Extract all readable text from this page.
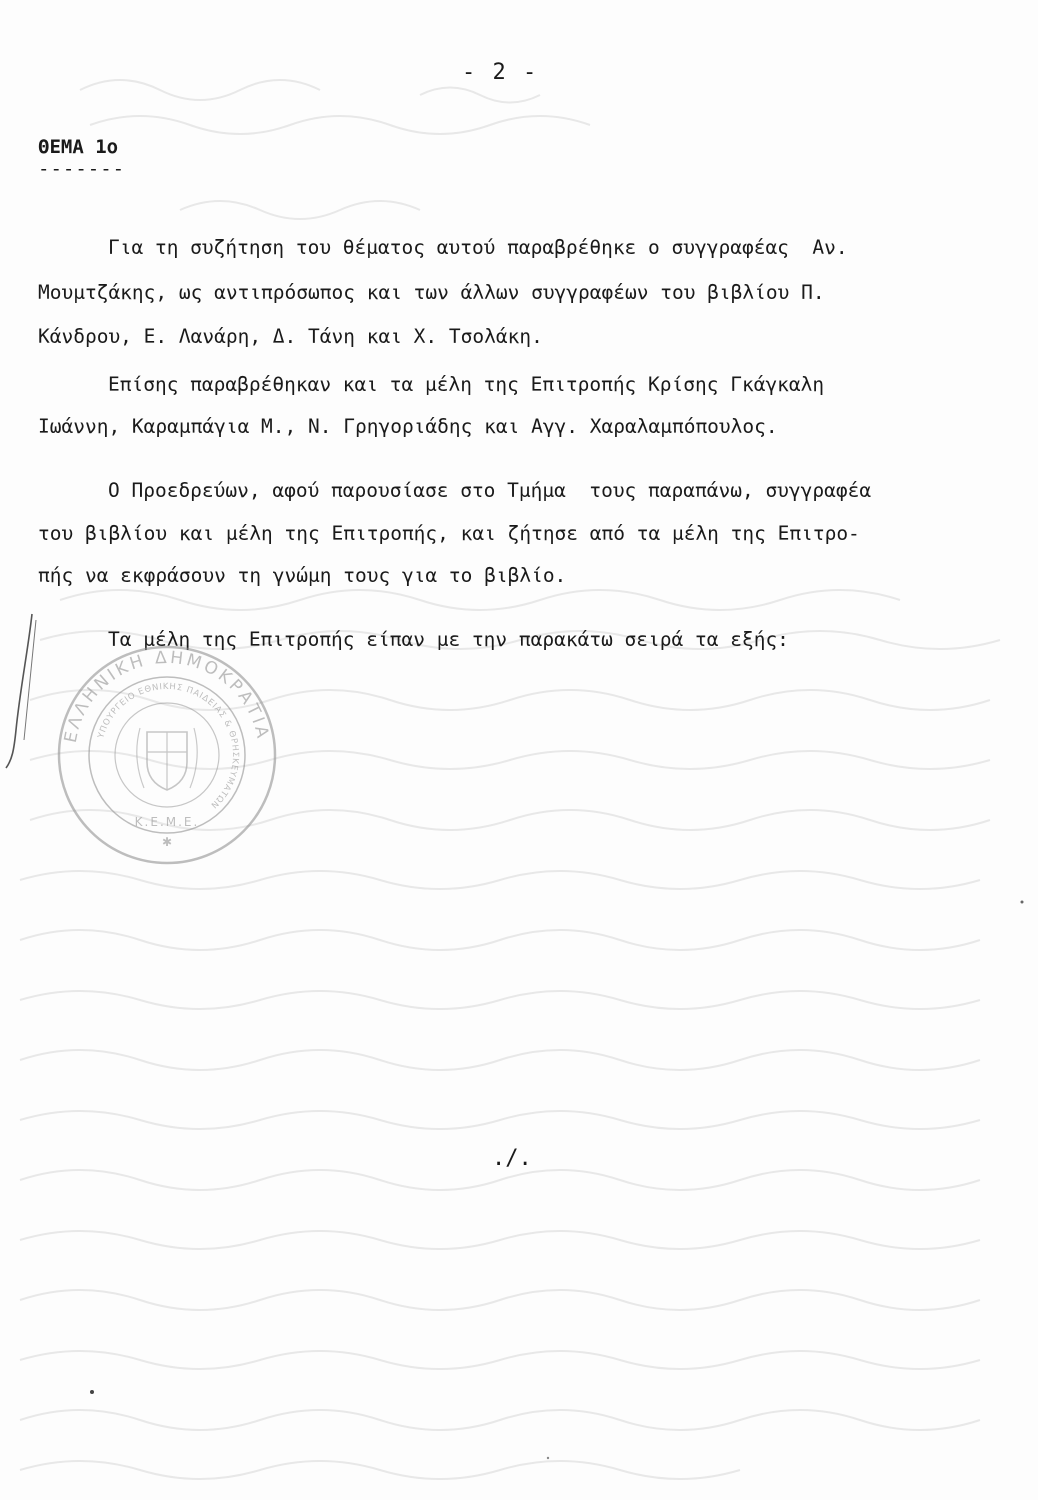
- 2 -
ΘΕΜΑ 1ο
-------
Για τη συζήτηση του θέματος αυτού παραβρέθηκε ο συγγραφέας  Αν.
Μουμτζάκης, ως αντιπρόσωπος και των άλλων συγγραφέων του βιβλίου Π.
Κάνδρου, Ε. Λανάρη, Δ. Τάνη και Χ. Τσολάκη.
Επίσης παραβρέθηκαν και τα μέλη της Επιτροπής Κρίσης Γκάγκαλη
Ιωάννη, Καραμπάγια Μ., Ν. Γρηγοριάδης και Αγγ. Χαραλαμπόπουλος.
Ο Προεδρεύων, αφού παρουσίασε στο Τμήμα  τους παραπάνω, συγγραφέα
του βιβλίου και μέλη της Επιτροπής, και ζήτησε από τα μέλη της Επιτρο-
πής να εκφράσουν τη γνώμη τους για το βιβλίο.
Τα μέλη της Επιτροπής είπαν με την παρακάτω σειρά τα εξής:
ΕΛΛΗΝΙΚΗ ΔΗΜΟΚΡΑΤΙΑ
ΥΠΟΥΡΓΕΙΟ ΕΘΝΙΚΗΣ ΠΑΙΔΕΙΑΣ & ΘΡΗΣΚΕΥΜΑΤΩΝ
Κ.Ε.Μ.Ε.
✱
./.
